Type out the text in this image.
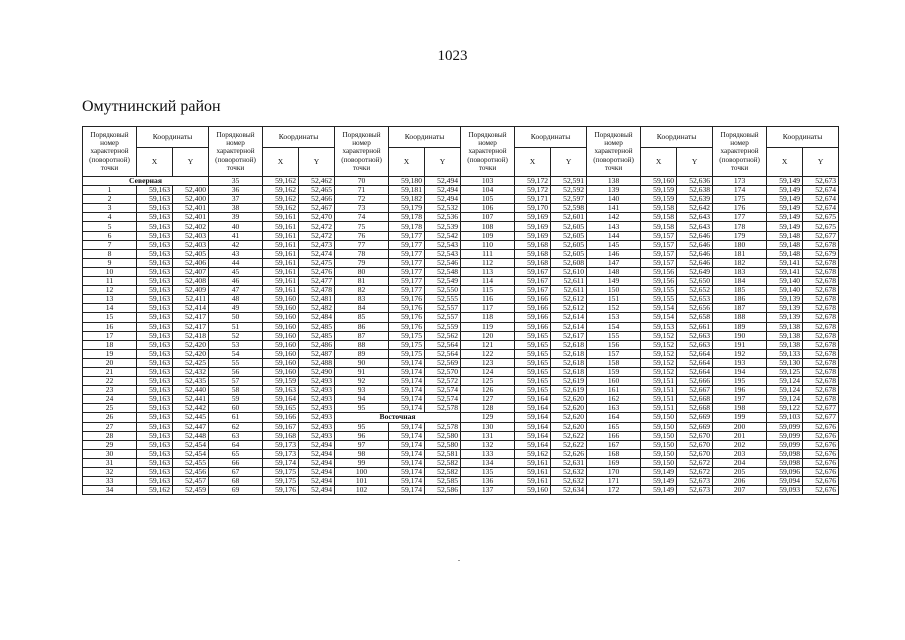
1023
Омутнинский район
Порядковый номер характерной (поворотной) точки	Координаты		Порядковый номер характерной (поворотной) точки	Координаты		Порядковый номер характерной (поворотной) точки	Координаты		Порядковый номер характерной (поворотной) точки	Координаты		Порядковый номер характерной (поворотной) точки	Координаты		Порядковый номер характерной (поворотной) точки	Координаты	
	X	Y		X	Y		X	Y		X	Y		X	Y		X	Y
Северная			35	59,162	52,462	70	59,180	52,494	103	59,172	52,591	138	59,160	52,636	173	59,149	52,673
1	59,163	52,400	36	59,162	52,465	71	59,181	52,494	104	59,172	52,592	139	59,159	52,638	174	59,149	52,674
2	59,163	52,400	37	59,162	52,466	72	59,182	52,494	105	59,171	52,597	140	59,159	52,639	175	59,149	52,674
3	59,163	52,401	38	59,162	52,467	73	59,179	52,532	106	59,170	52,598	141	59,158	52,642	176	59,149	52,674
4	59,163	52,401	39	59,161	52,470	74	59,178	52,536	107	59,169	52,601	142	59,158	52,643	177	59,149	52,675
5	59,163	52,402	40	59,161	52,472	75	59,178	52,539	108	59,169	52,605	143	59,158	52,643	178	59,149	52,675
6	59,163	52,403	41	59,161	52,472	76	59,177	52,542	109	59,169	52,605	144	59,157	52,646	179	59,148	52,677
7	59,163	52,403	42	59,161	52,473	77	59,177	52,543	110	59,168	52,605	145	59,157	52,646	180	59,148	52,678
8	59,163	52,405	43	59,161	52,474	78	59,177	52,543	111	59,168	52,605	146	59,157	52,646	181	59,148	52,679
9	59,163	52,406	44	59,161	52,475	79	59,177	52,546	112	59,168	52,608	147	59,157	52,646	182	59,141	52,678
10	59,163	52,407	45	59,161	52,476	80	59,177	52,548	113	59,167	52,610	148	59,156	52,649	183	59,141	52,678
11	59,163	52,408	46	59,161	52,477	81	59,177	52,549	114	59,167	52,611	149	59,156	52,650	184	59,140	52,678
12	59,163	52,409	47	59,161	52,478	82	59,177	52,550	115	59,167	52,611	150	59,155	52,652	185	59,140	52,678
13	59,163	52,411	48	59,160	52,481	83	59,176	52,555	116	59,166	52,612	151	59,155	52,653	186	59,139	52,678
14	59,163	52,414	49	59,160	52,482	84	59,176	52,557	117	59,166	52,612	152	59,154	52,656	187	59,139	52,678
15	59,163	52,417	50	59,160	52,484	85	59,176	52,557	118	59,166	52,614	153	59,154	52,658	188	59,139	52,678
16	59,163	52,417	51	59,160	52,485	86	59,176	52,559	119	59,166	52,614	154	59,153	52,661	189	59,138	52,678
17	59,163	52,418	52	59,160	52,485	87	59,175	52,562	120	59,165	52,617	155	59,152	52,663	190	59,138	52,678
18	59,163	52,420	53	59,160	52,486	88	59,175	52,564	121	59,165	52,618	156	59,152	52,663	191	59,138	52,678
19	59,163	52,420	54	59,160	52,487	89	59,175	52,564	122	59,165	52,618	157	59,152	52,664	192	59,133	52,678
20	59,163	52,425	55	59,160	52,488	90	59,174	52,569	123	59,165	52,618	158	59,152	52,664	193	59,130	52,678
21	59,163	52,432	56	59,160	52,490	91	59,174	52,570	124	59,165	52,618	159	59,152	52,664	194	59,125	52,678
22	59,163	52,435	57	59,159	52,493	92	59,174	52,572	125	59,165	52,619	160	59,151	52,666	195	59,124	52,678
23	59,163	52,440	58	59,163	52,493	93	59,174	52,574	126	59,165	52,619	161	59,151	52,667	196	59,124	52,678
24	59,163	52,441	59	59,164	52,493	94	59,174	52,574	127	59,164	52,620	162	59,151	52,668	197	59,124	52,678
25	59,163	52,442	60	59,165	52,493	95	59,174	52,578	128	59,164	52,620	163	59,151	52,668	198	59,122	52,677
26	59,163	52,445	61	59,166	52,493	Восточная			129	59,164	52,620	164	59,150	52,669	199	59,103	52,677
27	59,163	52,447	62	59,167	52,493	95	59,174	52,578	130	59,164	52,620	165	59,150	52,669	200	59,099	52,676
28	59,163	52,448	63	59,168	52,493	96	59,174	52,580	131	59,164	52,622	166	59,150	52,670	201	59,099	52,676
29	59,163	52,454	64	59,173	52,494	97	59,174	52,580	132	59,164	52,622	167	59,150	52,670	202	59,099	52,676
30	59,163	52,454	65	59,173	52,494	98	59,174	52,581	133	59,162	52,626	168	59,150	52,670	203	59,098	52,676
31	59,163	52,455	66	59,174	52,494	99	59,174	52,582	134	59,161	52,631	169	59,150	52,672	204	59,098	52,676
32	59,163	52,456	67	59,175	52,494	100	59,174	52,582	135	59,161	52,632	170	59,149	52,672	205	59,096	52,676
33	59,163	52,457	68	59,175	52,494	101	59,174	52,585	136	59,161	52,632	171	59,149	52,673	206	59,094	52,676
34	59,162	52,459	69	59,176	52,494	102	59,174	52,586	137	59,160	52,634	172	59,149	52,673	207	59,093	52,676
